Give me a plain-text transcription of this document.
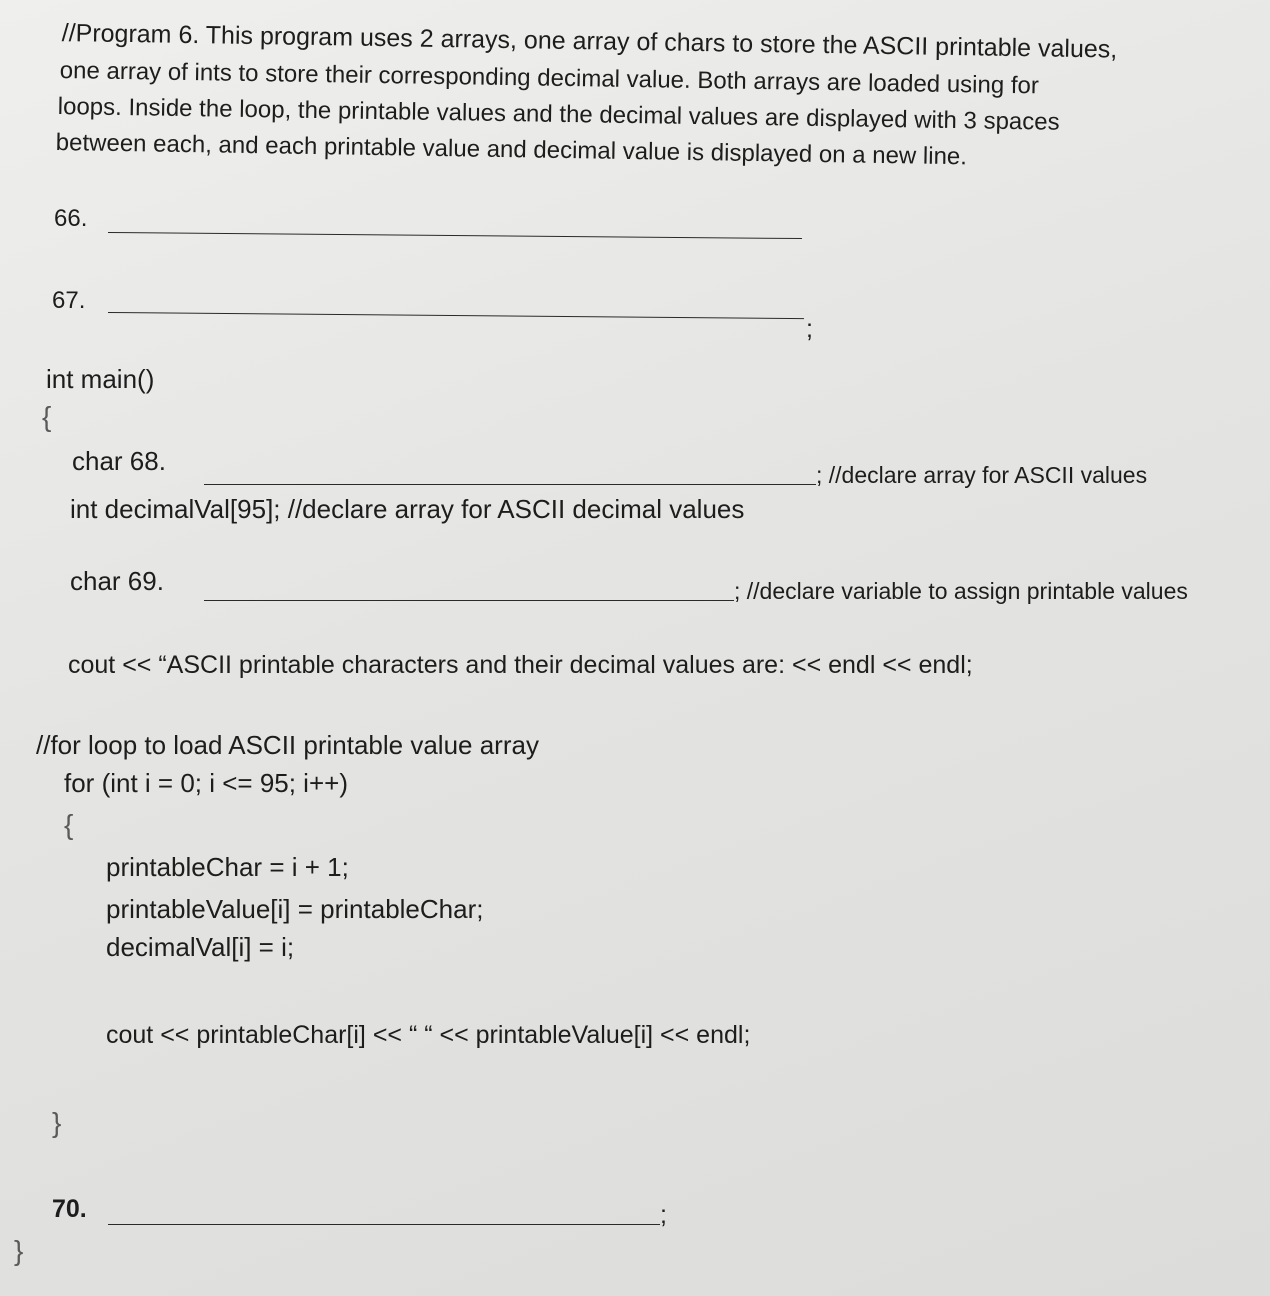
//Program 6. This program uses 2 arrays, one array of chars to store the ASCII printable values,
one array of ints to store their corresponding decimal value. Both arrays are loaded using for
loops. Inside the loop, the printable values and the decimal values are displayed with 3 spaces
between each, and each printable value and decimal value is displayed on a new line.
66.
67.
;
int main()
{
char 68.	; //declare array for ASCII values
int decimalVal[95]; //declare array for ASCII decimal values
char 69.	; //declare variable to assign printable values
cout << “ASCII printable characters and their decimal values are: << endl << endl;
//for loop to load ASCII printable value array
for (int i = 0; i <= 95; i++)
{
printableChar = i + 1;
printableValue[i] = printableChar;
decimalVal[i] = i;
cout << printableChar[i] << “ “ << printableValue[i] << endl;
}
70.	;
}
